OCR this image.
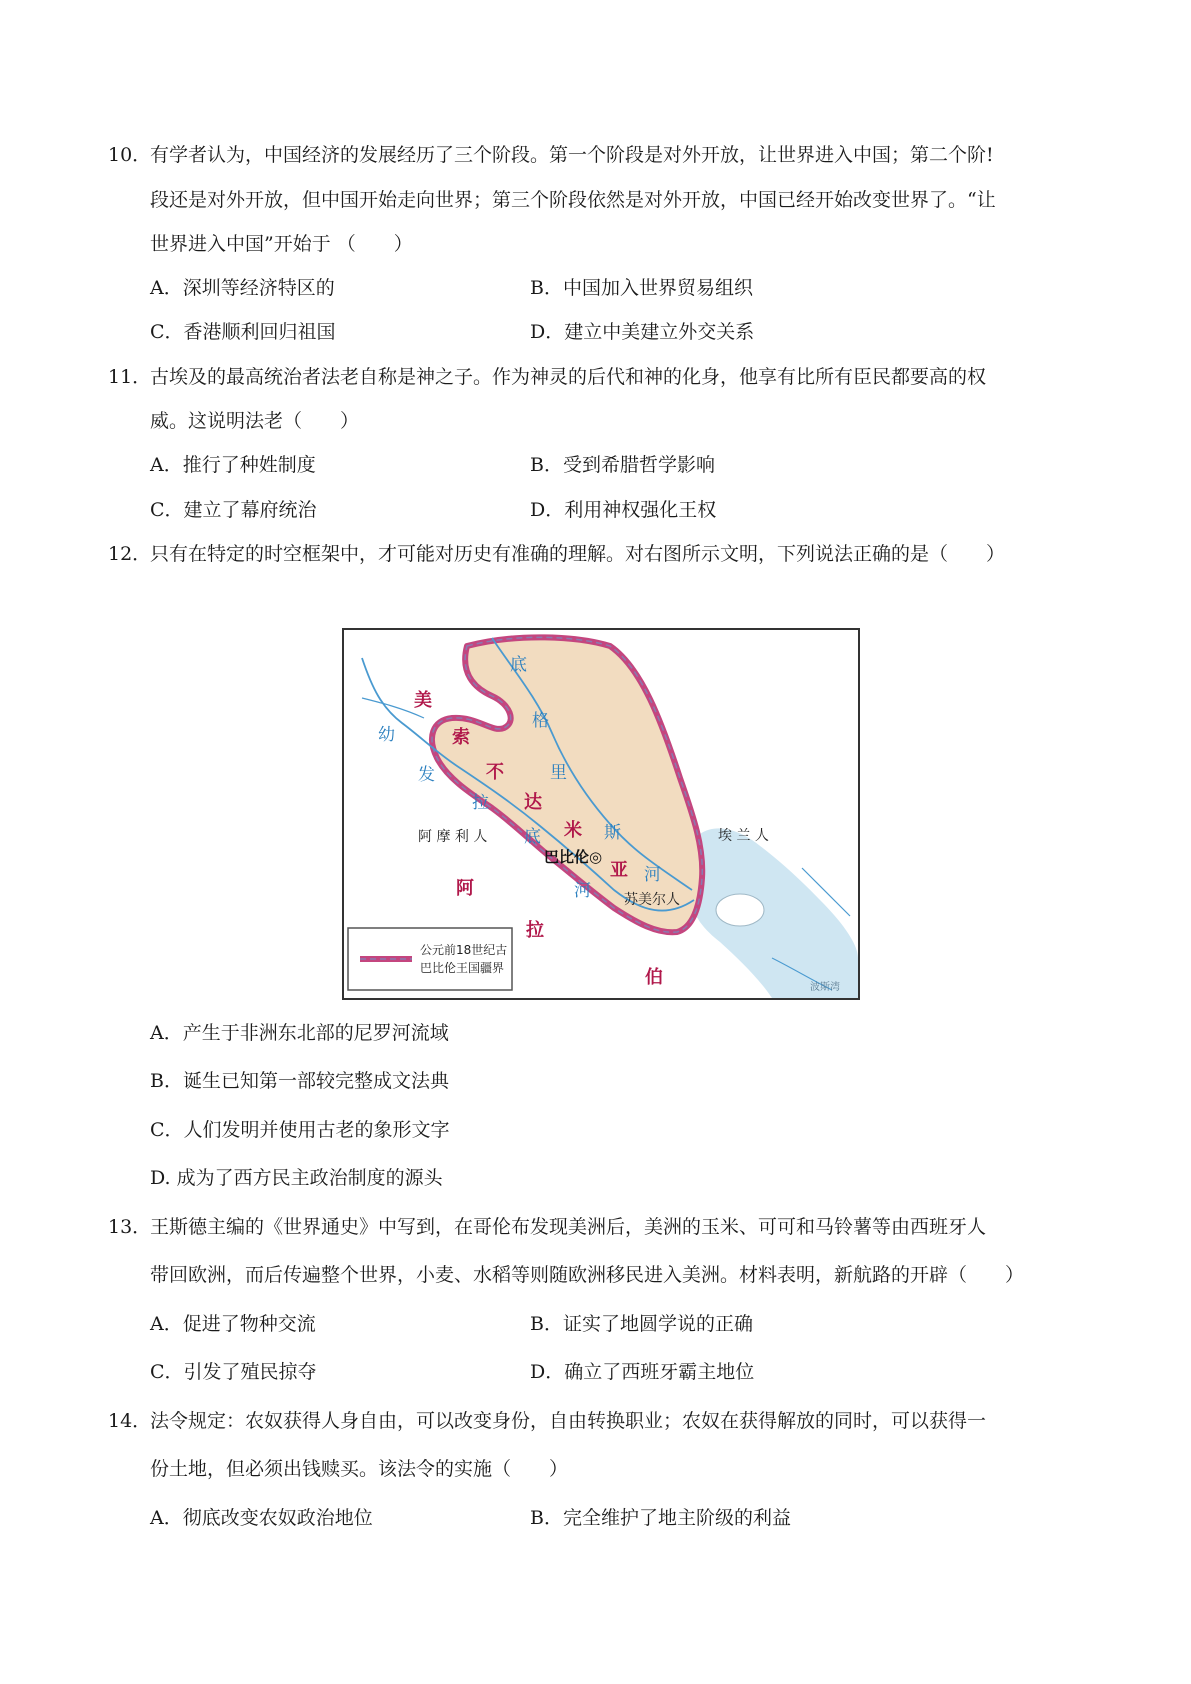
10．有学者认为，中国经济的发展经历了三个阶段。第一个阶段是对外开放，让世界进入中国；第二个阶!
段还是对外开放，但中国开始走向世界；第三个阶段依然是对外开放，中国已经开始改变世界了。“让
世界进入中国”开始于 （　　）
A．深圳等经济特区的	B．中国加入世界贸易组织
C．香港顺利回归祖国	D．建立中美建立外交关系
11．古埃及的最高统治者法老自称是神之子。作为神灵的后代和神的化身，他享有比所有臣民都要高的权
威。这说明法老（　　）
A．推行了种姓制度	B．受到希腊哲学影响
C．建立了幕府统治	D．利用神权强化王权
12．只有在特定的时空框架中，才可能对历史有准确的理解。对右图所示文明，下列说法正确的是（　　）
美
索
不
达
米
亚
底
格
里
斯
河
幼
发
拉
底
河
阿 摩 利 人	埃 兰 人
巴比伦◎
苏美尔人
波斯湾
阿
拉
伯
公元前18世纪古
巴比伦王国疆界
A．产生于非洲东北部的尼罗河流域
B．诞生已知第一部较完整成文法典
C．人们发明并使用古老的象形文字
D. 成为了西方民主政治制度的源头
13．王斯德主编的《世界通史》中写到，在哥伦布发现美洲后，美洲的玉米、可可和马铃薯等由西班牙人
带回欧洲，而后传遍整个世界，小麦、水稻等则随欧洲移民进入美洲。材料表明，新航路的开辟（　　）
A．促进了物种交流	B．证实了地圆学说的正确
C．引发了殖民掠夺	D．确立了西班牙霸主地位
14．法令规定：农奴获得人身自由，可以改变身份，自由转换职业；农奴在获得解放的同时，可以获得一
份土地，但必须出钱赎买。该法令的实施（　　）
A．彻底改变农奴政治地位	B．完全维护了地主阶级的利益
